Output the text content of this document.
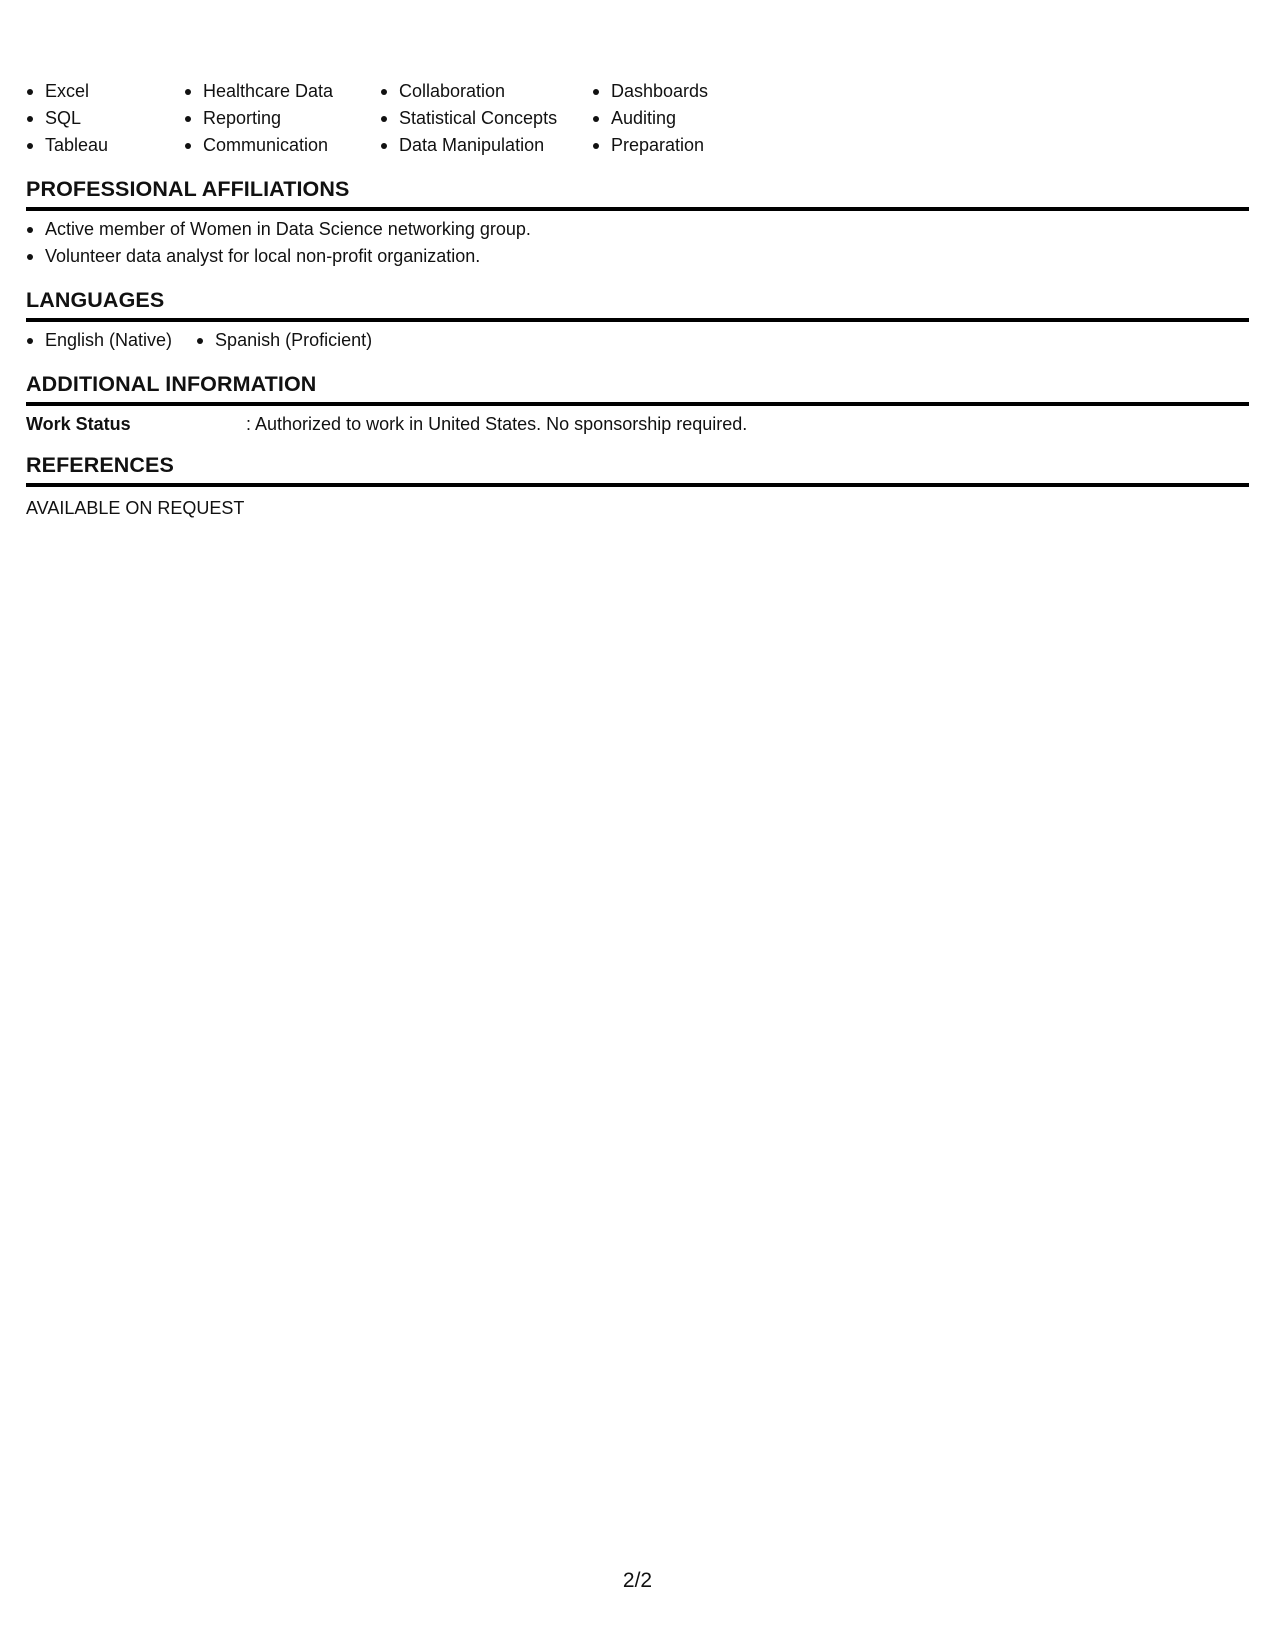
Excel
SQL
Tableau
Healthcare Data
Reporting
Communication
Collaboration
Statistical Concepts
Data Manipulation
Dashboards
Auditing
Preparation
PROFESSIONAL AFFILIATIONS
Active member of Women in Data Science networking group.
Volunteer data analyst for local non-profit organization.
LANGUAGES
English (Native)	Spanish (Proficient)
ADDITIONAL INFORMATION
Work Status	: Authorized to work in United States. No sponsorship required.
REFERENCES
AVAILABLE ON REQUEST
2/2
